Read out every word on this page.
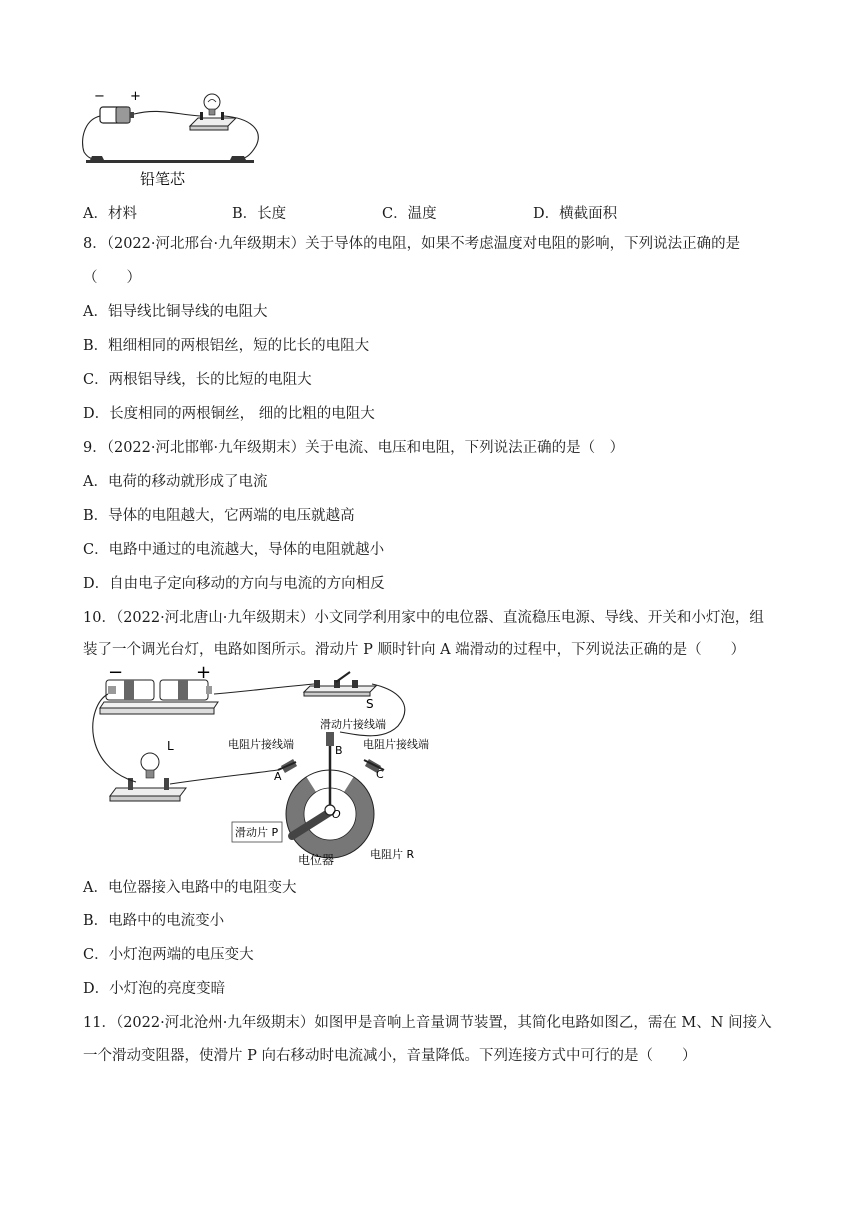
− +
铅笔芯
A．材料	B．长度	C．温度	D．横截面积
8．（2022·河北邢台·九年级期末）关于导体的电阻，如果不考虑温度对电阻的影响，下列说法正确的是
（　　）
A．铝导线比铜导线的电阻大
B．粗细相同的两根铝丝，短的比长的电阻大
C．两根铝导线，长的比短的电阻大
D．长度相同的两根铜丝， 细的比粗的电阻大
9．（2022·河北邯郸·九年级期末）关于电流、电压和电阻，下列说法正确的是（　）
A．电荷的移动就形成了电流
B．导体的电阻越大，它两端的电压就越高
C．电路中通过的电流越大，导体的电阻就越小
D．自由电子定向移动的方向与电流的方向相反
10．（2022·河北唐山·九年级期末）小文同学利用家中的电位器、直流稳压电源、导线、开关和小灯泡，组
装了一个调光台灯，电路如图所示。滑动片 P 顺时针向 A 端滑动的过程中，下列说法正确的是（　　）
−	+
S
L
滑动片接线端
B
电阻片接线端	电阻片接线端
A	C
O
滑动片 P
电位器	电阻片 R
A．电位器接入电路中的电阻变大
B．电路中的电流变小
C．小灯泡两端的电压变大
D．小灯泡的亮度变暗
11．（2022·河北沧州·九年级期末）如图甲是音响上音量调节装置，其简化电路如图乙，需在 M、N 间接入
一个滑动变阻器，使滑片 P 向右移动时电流减小，音量降低。下列连接方式中可行的是（　　）
